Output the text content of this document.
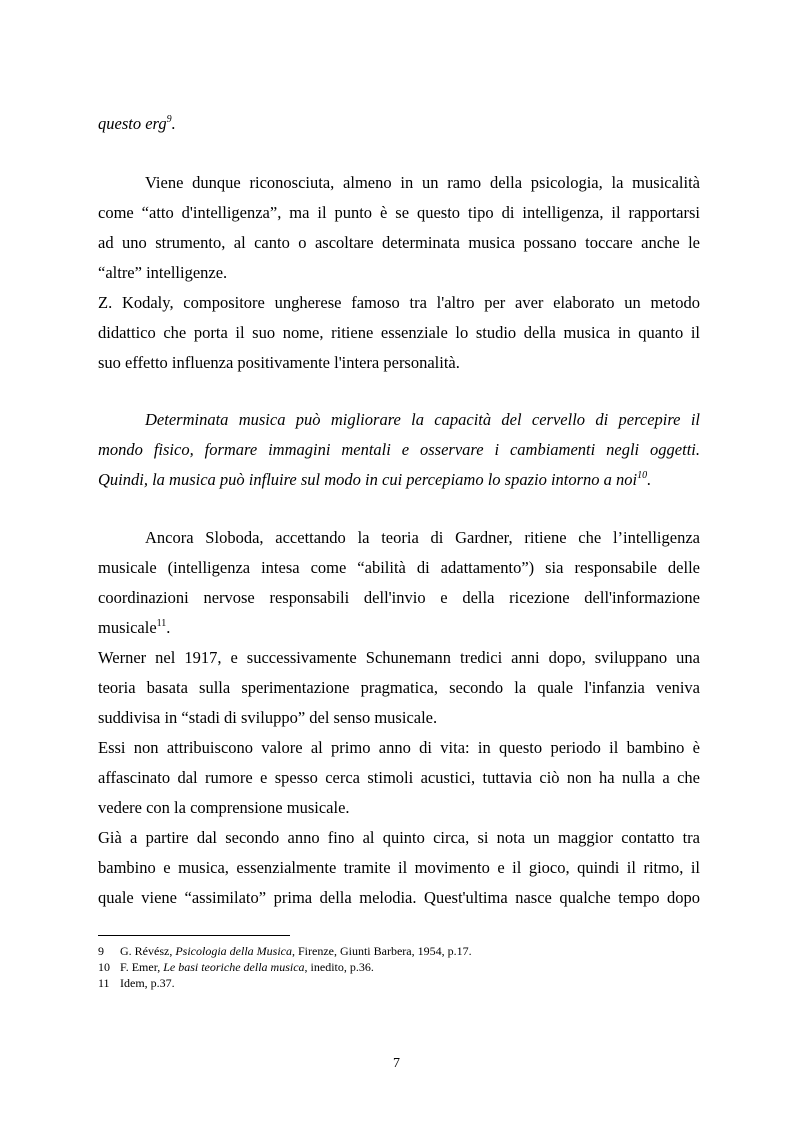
questo erg$^9$.
Viene dunque riconosciuta, almeno in un ramo della psicologia, la musicalità
come “atto d'intelligenza”, ma il punto è se questo tipo di intelligenza, il rapportarsi
ad uno strumento, al canto o ascoltare determinata musica possano toccare anche le
“altre” intelligenze.
Z. Kodaly, compositore ungherese famoso tra l'altro per aver elaborato un metodo
didattico che porta il suo nome, ritiene essenziale lo studio della musica in quanto il
suo effetto influenza positivamente l'intera personalità.
Determinata musica può migliorare la capacità del cervello di percepire il
mondo fisico, formare immagini mentali e osservare i cambiamenti negli oggetti.
Quindi, la musica può influire sul modo in cui percepiamo lo spazio intorno a noi$^{10}$.
Ancora Sloboda, accettando la teoria di Gardner, ritiene che l’intelligenza
musicale (intelligenza intesa come “abilità di adattamento”) sia responsabile delle
coordinazioni nervose responsabili dell'invio e della ricezione dell'informazione
musicale$^{11}$.
Werner nel 1917, e successivamente Schunemann tredici anni dopo, sviluppano una
teoria basata sulla sperimentazione pragmatica, secondo la quale l'infanzia veniva
suddivisa in “stadi di sviluppo” del senso musicale.
Essi non attribuiscono valore al primo anno di vita: in questo periodo il bambino è
affascinato dal rumore e spesso cerca stimoli acustici, tuttavia ciò non ha nulla a che
vedere con la comprensione musicale.
Già a partire dal secondo anno fino al quinto circa, si nota un maggior contatto tra
bambino e musica, essenzialmente tramite il movimento e il gioco, quindi il ritmo, il
quale viene “assimilato” prima della melodia. Quest'ultima nasce qualche tempo dopo
9 G. Révész, Psicologia della Musica, Firenze, Giunti Barbera, 1954, p.17.
10 F. Emer, Le basi teoriche della musica, inedito, p.36.
11 Idem, p.37.
7
